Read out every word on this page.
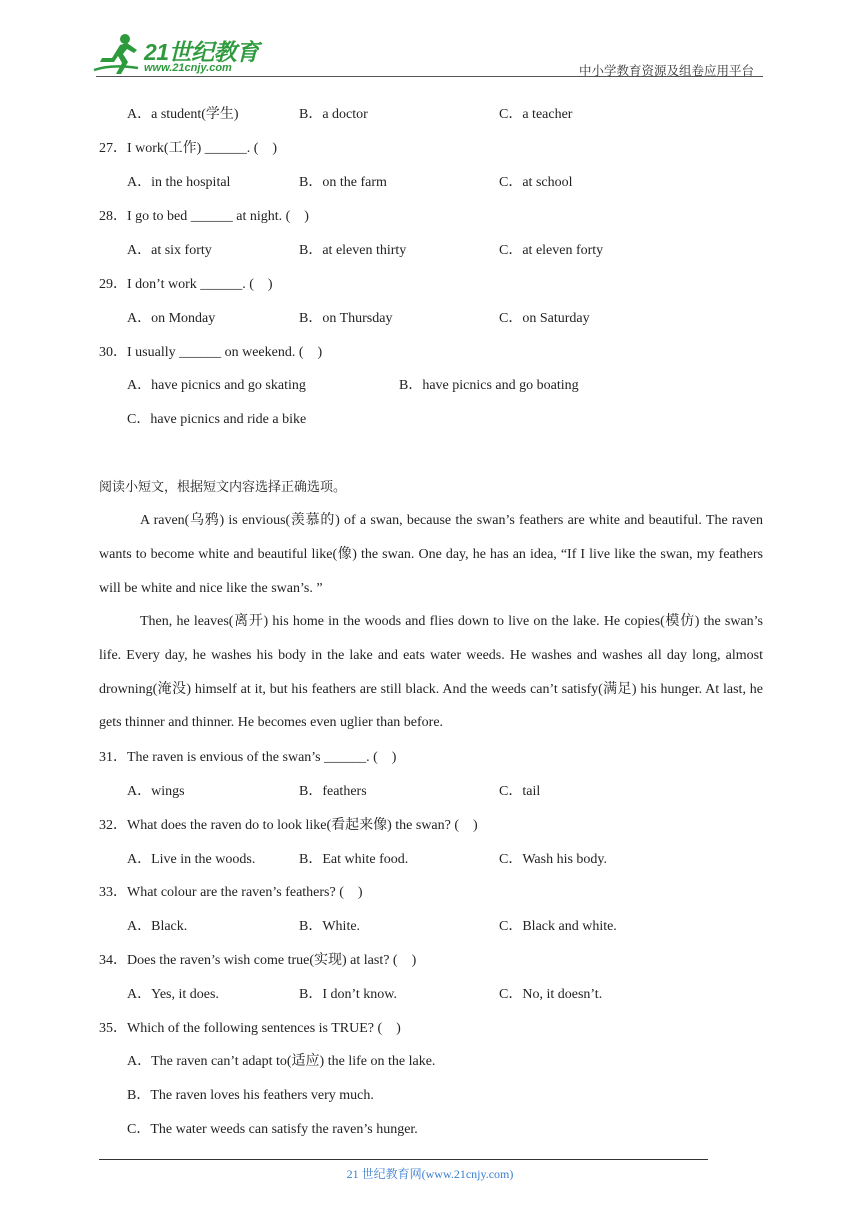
21世纪教育
www.21cnjy.com	中小学教育资源及组卷应用平台
A．a student(学生)	B．a doctor	C．a teacher
27．I work(工作) ______. (　)
A．in the hospital	B．on the farm	C．at school
28．I go to bed ______ at night. (　)
A．at six forty	B．at eleven thirty	C．at eleven forty
29．I don’t work ______. (　)
A．on Monday	B．on Thursday	C．on Saturday
30．I usually ______ on weekend. (　)
A．have picnics and go skating	B．have picnics and go boating
C．have picnics and ride a bike
阅读小短文，根据短文内容选择正确选项。
A raven(乌鸦) is envious(羡慕的) of a swan, because the swan’s feathers are white and beautiful. The raven wants to become white and beautiful like(像) the swan. One day, he has an idea, “If I live like the swan, my feathers will be white and nice like the swan’s. ”
Then, he leaves(离开) his home in the woods and flies down to live on the lake. He copies(模仿) the swan’s life. Every day, he washes his body in the lake and eats water weeds. He washes and washes all day long, almost drowning(淹没) himself at it, but his feathers are still black. And the weeds can’t satisfy(满足) his hunger. At last, he gets thinner and thinner. He becomes even uglier than before.
31．The raven is envious of the swan’s ______. (　)
A．wings	B．feathers	C．tail
32．What does the raven do to look like(看起来像) the swan? (　)
A．Live in the woods.	B．Eat white food.	C．Wash his body.
33．What colour are the raven’s feathers? (　)
A．Black.	B．White.	C．Black and white.
34．Does the raven’s wish come true(实现) at last? (　)
A．Yes, it does.	B．I don’t know.	C．No, it doesn’t.
35．Which of the following sentences is TRUE? (　)
A．The raven can’t adapt to(适应) the life on the lake.
B．The raven loves his feathers very much.
C．The water weeds can satisfy the raven’s hunger.
21 世纪教育网(www.21cnjy.com)
